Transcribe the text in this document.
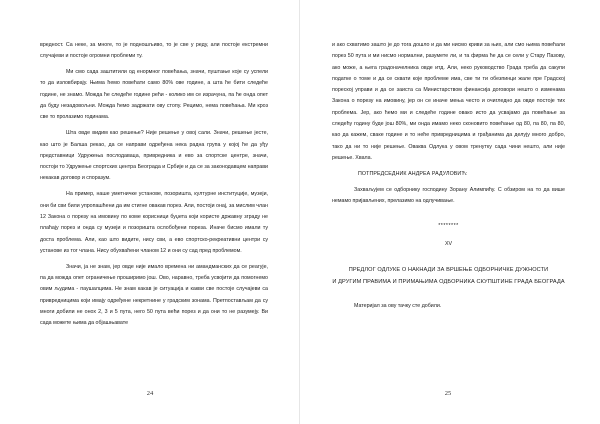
вредност. Са неке, за многе, то је подношљиво, то је све у реду, али постоје екстремни случајеви и постоје огромни проблеми ту.

Ми смо сада заштитили од енормног повећања, значи, пуштање које су успели то да изловбирају. Њима ћемо повећати само 80% ове године, а шта ће бити следеће године, не знамо. Можда ће следеће године рећи - колико им се израчуна, па ће онда опет да буду незадовољни. Можда ћемо задржати ову стопу. Рецимо, нема повећања. Ми кроз све то пролазимо годинама.

Шта овде видим као решење? Није решење у овој сали. Значи, решење јесте, као што је Балша рекао, да се направи одређена нека радна група у којој ће да уђу представници Удружења послодаваца, привредника и ево за спортске центре, значи, постоји то Удружење спортских центра Београда и Србије и да се за законодавцем направи некакав договор и споразум.

На пример, наше уметничке установе, позоришта, културне институције, музеји, они би сви били упропашћени да им стигне овакав порез. Али, постоји онај, за мислим члан 12 Закона о порезу на имовину по коме корисници буџета који користе државну зграду не плаћају порез и онда су музеји и позоришта ослобођени пореза. Иначе бисмо имали ту доста проблема. Али, као што видите, нису сви, а ево спортско-рекреативни центри су установе из тог члана. Нису обухваћени чланом 12 и они су сад пред проблемом.

Значи, ја не знам, јер овде није имало времена ни амандманских да се реагује, па да можда опет ограничење проширимо још. Ово, наравно, треба усвојити да помогнемо овим људима - паушалцима. Не знам какав је ситуација и какви све постоје случајеви са привредницима који имају одређене некретнине у градским зонама. Претпостављам да су многи добили не онох 2, 3 и 5 пута, него 50 пута већи порез и да они то не разумеју. Ви сада можете њима да објашњавате

24

и ако схватимо зашто је до тога дошло и да ми нисмо криви за њих, али смо њима повећали порез 50 пута и ми нисмо нормални, разумете ли, и та фирма ће да се сели у Стару Пазову, ако може, а њега градоначелника овде итд. Али, неко руководство Града треба да сакупи податке о томе и да се сквати које проблеме има, све ти ти обезпинци жале пре Градској пореској управи и да се заиста са Министарством финансија договори нешто о изменама Закона о порезу на имовину, јер он се иначе мења често и очигледно да овде постоје тих проблема. Јер, ако ћемо ми и следеће године овако исто да усвајамо да повећање за следећу годину буде још 80%, ми онда имамо неко сконовито повећање од 80, па 80, па 80, као да кажем, сваке године и то неће привредницима и грађанима да делују много добро, тако да ни то није решење. Оваква Одлука у овом тренутку сада чини нешто, али није решење. Хвала.

ПОТПРЕДСЕДНИК АНДРЕА РАДУЛОВИЋ:

Захваљујем се одборнику господину Зорану Алимпићу. С обзиром на то да више немамо пријављених, прелазимо на одлучивање.

********

XV

ПРЕДЛОГ ОДЛУКЕ О НАКНАДИ ЗА ВРШЕЊЕ ОДБОРНИЧКЕ ДУЖНОСТИ
И ДРУГИМ ПРАВИМА И ПРИМАЊИМА ОДБОРНИКА СКУПШТИНЕ ГРАДА БЕОГРАДА

Материјал за ову тачку сте добили.

25
